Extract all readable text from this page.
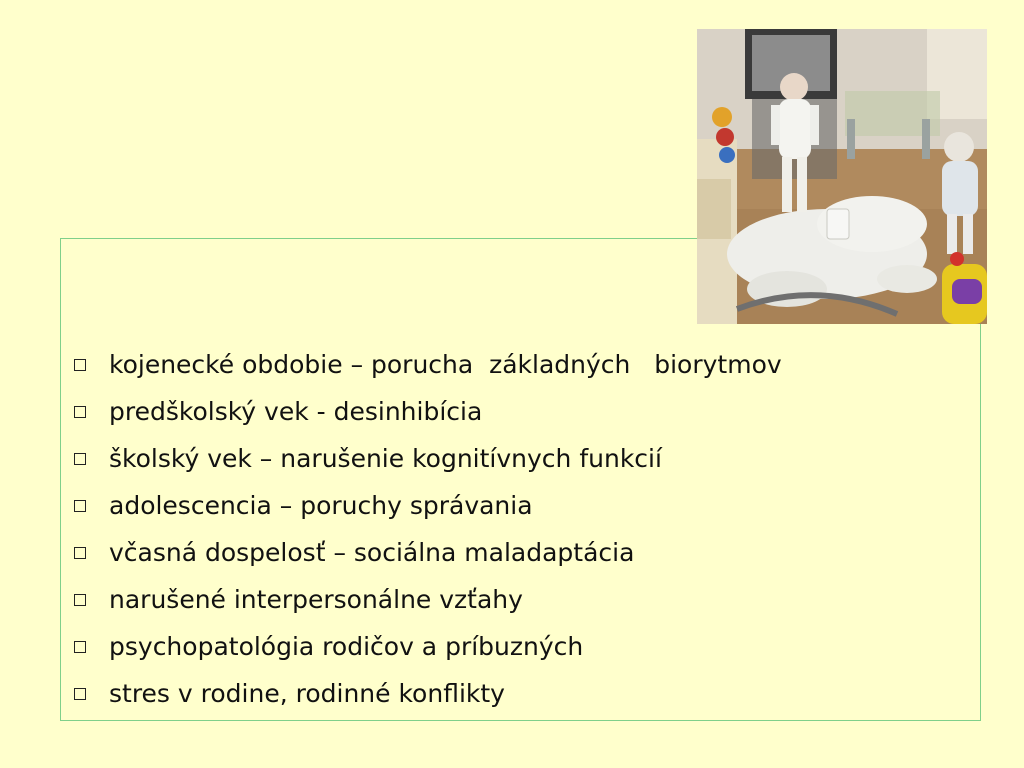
kojenecké obdobie – porucha  základných   biorytmov
predškolský vek - desinhibícia
školský vek – narušenie kognitívnych funkcií
adolescencia – poruchy správania
včasná dospelosť – sociálna maladaptácia
narušené interpersonálne vzťahy
psychopatológia rodičov a príbuzných
stres v rodine, rodinné konflikty
